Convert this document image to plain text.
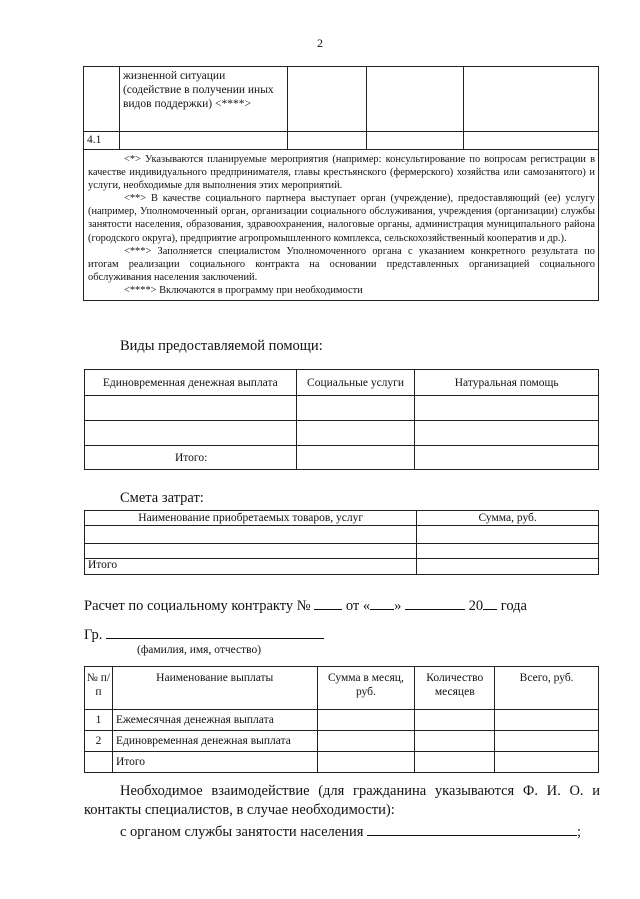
2

	жизненной ситуации (содействие в получении иных видов поддержки) <****>			

4.1				

<*> Указываются планируемые мероприятия (например: консультирование по вопросам регистрации в качестве индивидуального предпринимателя, главы крестьянского (фермерского) хозяйства или самозанятого) и услуги, необходимые для выполнения этих мероприятий.

<**> В качестве социального партнера выступает орган (учреждение), предоставляющий (ее) услугу (например, Уполномоченный орган, организации социального обслуживания, учреждения (организации) службы занятости населения, образования, здравоохранения, налоговые органы, администрация муниципального района (городского округа), предприятие агропромышленного комплекса, сельскохозяйственный кооператив и др.).

<***> Заполняется специалистом Уполномоченного органа с указанием конкретного результата по итогам реализации социального контракта на основании представленных организацией социального обслуживания населения заключений.

<****> Включаются в программу при необходимости				

Виды предоставляемой помощи:
Единовременная денежная выплата	Социальные услуги	Натуральная помощь

Итого:		
Смета затрат:
Наименование приобретаемых товаров, услуг	Сумма, руб.

Итого	
Расчет по социальному контракту № от « »	20 года
Гр.
(фамилия, имя, отчество)
№ п/п	Наименование выплаты	Сумма в месяц, руб.	Количество месяцев	Всего, руб.
1	Ежемесячная денежная выплата			
2	Единовременная денежная выплата			
	Итого			
Необходимое взаимодействие (для гражданина указываются Ф. И. О. и контакты специалистов, в случае необходимости):
с органом службы занятости населения	;
